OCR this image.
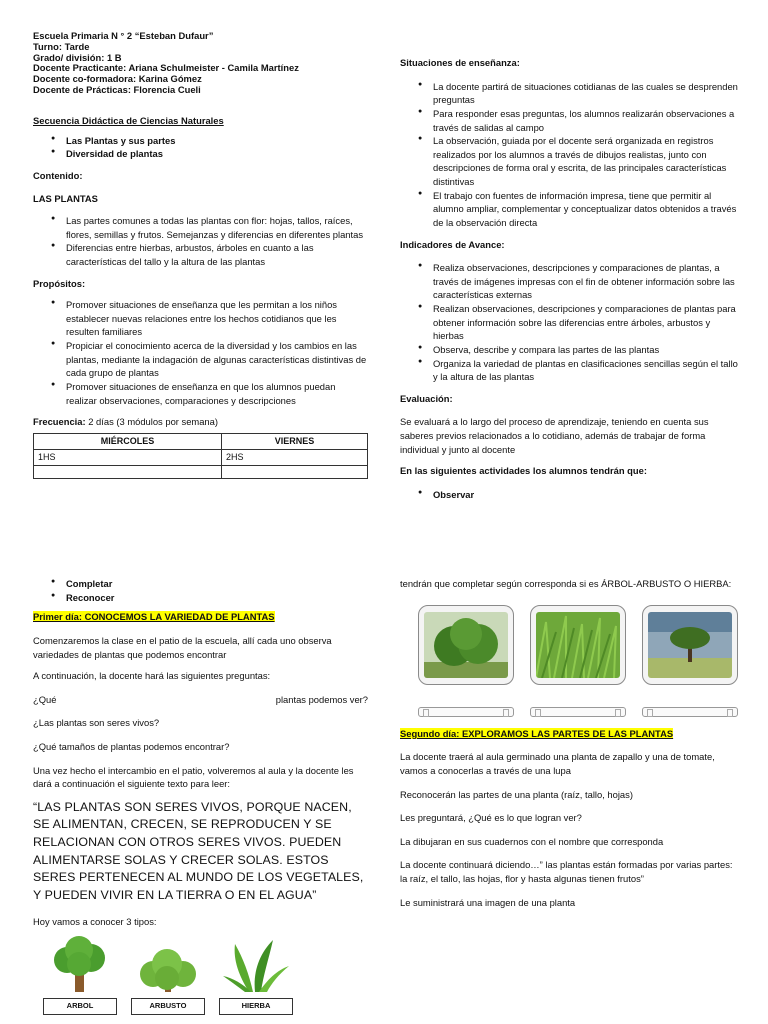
Escuela Primaria N ° 2 “Esteban Dufaur”
Turno: Tarde
Grado/ división: 1 B
Docente Practicante: Ariana Schulmeister - Camila Martínez
Docente co-formadora: Karina Gómez
Docente de Prácticas: Florencia Cueli
Secuencia Didáctica de Ciencias Naturales
● Las Plantas y sus partes
● Diversidad de plantas
Contenido:
LAS PLANTAS
● Las partes comunes a todas las plantas con flor: hojas, tallos, raíces, flores, semillas y frutos. Semejanzas y diferencias en diferentes plantas
● Diferencias entre hierbas, arbustos, árboles en cuanto a las características del tallo y la altura de las plantas
Propósitos:
● Promover situaciones de enseñanza que les permitan a los niños establecer nuevas relaciones entre los hechos cotidianos que les resulten familiares
● Propiciar el conocimiento acerca de la diversidad y los cambios en las plantas, mediante la indagación de algunas características distintivas de cada grupo de plantas
● Promover situaciones de enseñanza en que los alumnos puedan realizar observaciones, comparaciones y descripciones
Frecuencia: 2 días (3 módulos por semana)
MIÉRCOLES	VIERNES
1HS	2HS

Situaciones de enseñanza:
● La docente partirá de situaciones cotidianas de las cuales se desprenden preguntas
● Para responder esas preguntas, los alumnos realizarán observaciones a través de salidas al campo
● La observación, guiada por el docente será organizada en registros realizados por los alumnos a través de dibujos realistas, junto con descripciones de forma oral y escrita, de las principales características distintivas
● El trabajo con fuentes de información impresa, tiene que permitir al alumno ampliar, complementar y conceptualizar datos obtenidos a través de la observación directa
Indicadores de Avance:
● Realiza observaciones, descripciones y comparaciones de plantas, a través de imágenes impresas con el fin de obtener información sobre las características externas
● Realizan observaciones, descripciones y comparaciones de plantas para obtener información sobre las diferencias entre árboles, arbustos y hierbas
● Observa, describe y compara las partes de las plantas
● Organiza la variedad de plantas en clasificaciones sencillas según el tallo y la altura de las plantas
Evaluación:
Se evaluará a lo largo del proceso de aprendizaje, teniendo en cuenta sus saberes previos relacionados a lo cotidiano, además de trabajar de forma individual y junto al docente
En las siguientes actividades los alumnos tendrán que:
● Observar
● Completar
● Reconocer
Primer día: CONOCEMOS LA VARIEDAD DE PLANTAS
Comenzaremos la clase en el patio de la escuela, allí cada uno observa variedades de plantas que podemos encontrar
A continuación, la docente hará las siguientes preguntas:
¿Qué	plantas podemos ver?
¿Las plantas son seres vivos?
¿Qué tamaños de plantas podemos encontrar?
Una vez hecho el intercambio en el patio, volveremos al aula y la docente les dará a continuación el siguiente texto para leer:
“LAS PLANTAS SON SERES VIVOS, PORQUE NACEN, SE ALIMENTAN, CRECEN, SE REPRODUCEN Y SE RELACIONAN CON OTROS SERES VIVOS. PUEDEN ALIMENTARSE SOLAS Y CRECER SOLAS. ESTOS SERES PERTENECEN AL MUNDO DE LOS VEGETALES, Y PUEDEN VIVIR EN LA TIERRA O EN EL AGUA”
Hoy vamos a conocer 3 tipos:
ARBOL	ARBUSTO	HIERBA
tendrán que completar según corresponda si es ÁRBOL-ARBUSTO O HIERBA:
Segundo día: EXPLORAMOS LAS PARTES DE LAS PLANTAS
La docente traerá al aula germinado una planta de zapallo y una de tomate, vamos a conocerlas a través de una lupa
Reconocerán las partes de una planta (raíz, tallo, hojas)
Les preguntará, ¿Qué es lo que logran ver?
La dibujaran en sus cuadernos con el nombre que corresponda
La docente continuará diciendo…” las plantas están formadas por varias partes: la raíz, el tallo, las hojas, flor y hasta algunas tienen frutos”
Le suministrará una imagen de una planta
